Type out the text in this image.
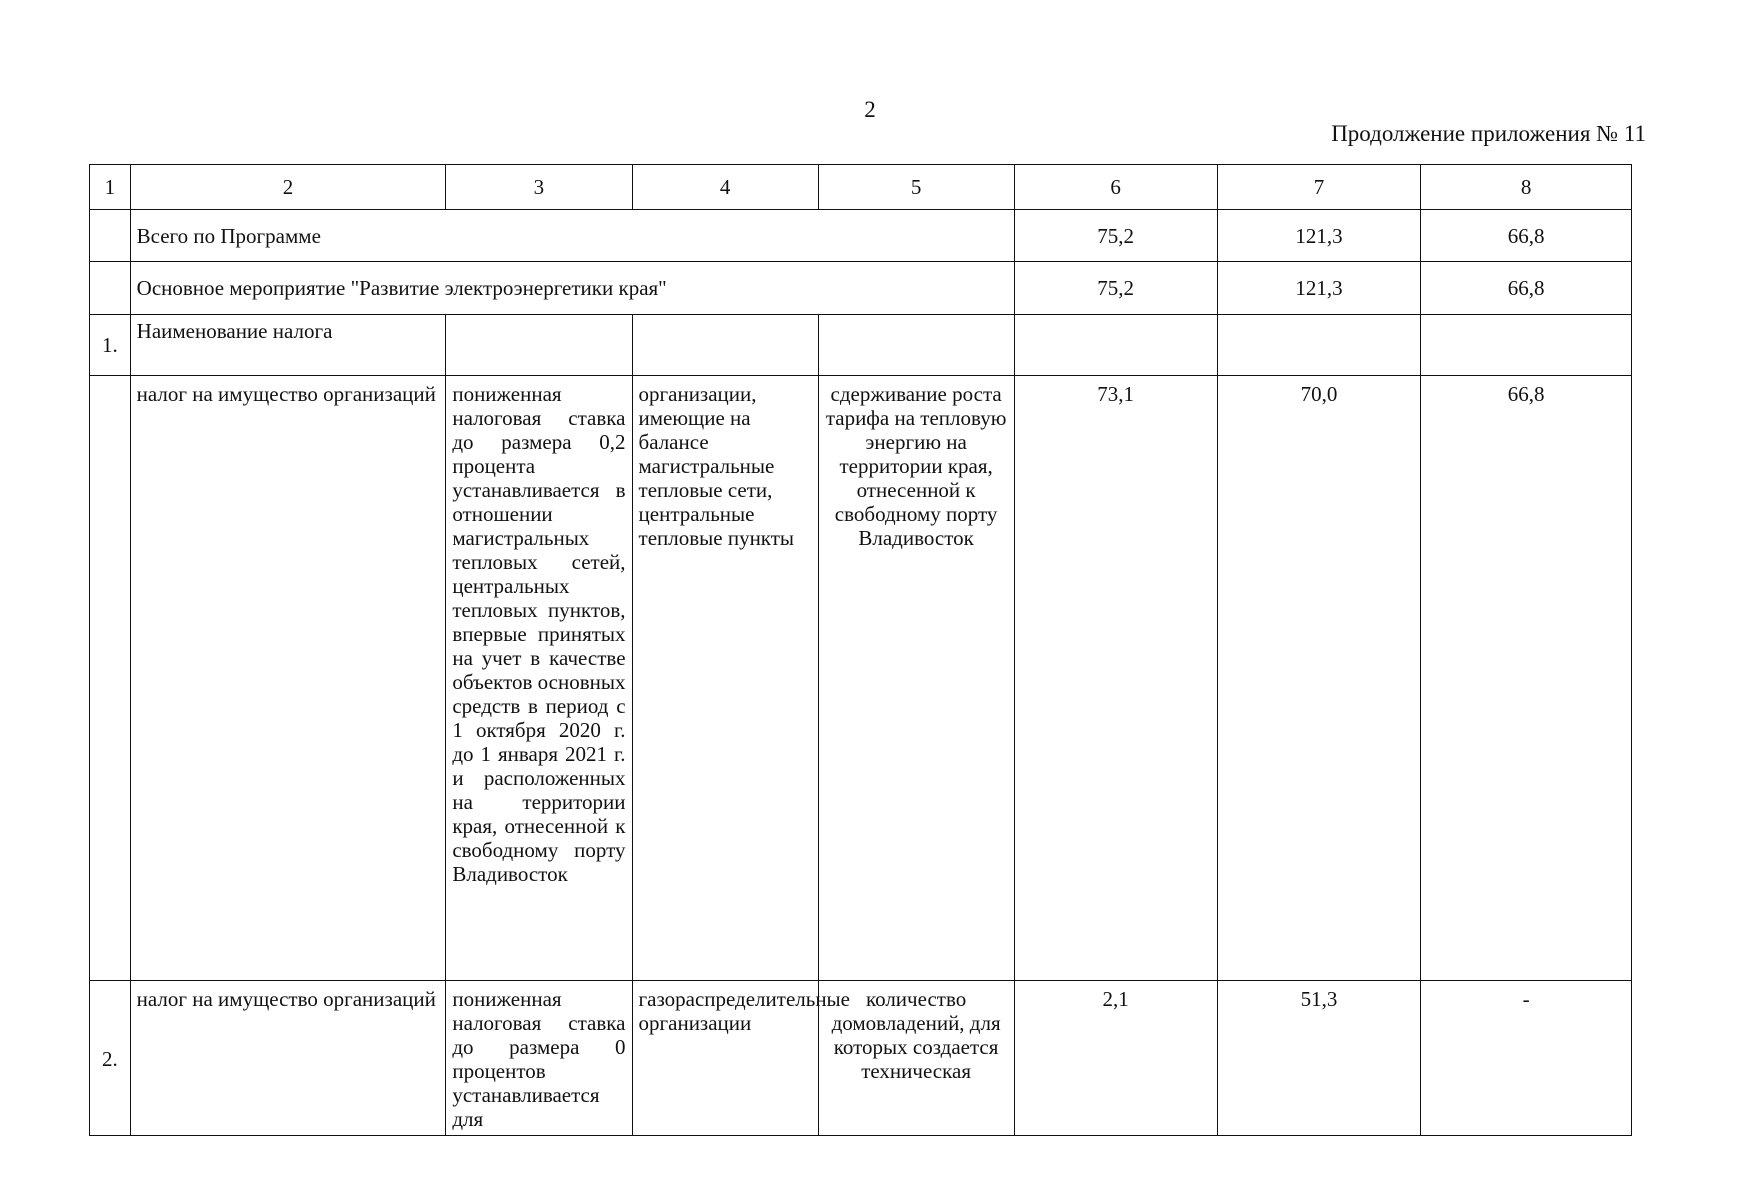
2
Продолжение приложения № 11
1	2	3	4	5	6	7	8
	Всего по Программе				75,2	121,3	66,8
	Основное мероприятие "Развитие электроэнергетики края"				75,2	121,3	66,8
1.	Наименование налога						
	налог на имущество организаций	пониженная налоговая ставка до размера 0,2 процента устанавливается в отношении магистральных тепловых сетей, центральных тепловых пунктов, впервые принятых на учет в качестве объектов основных средств в период с 1 октября 2020 г. до 1 января 2021 г. и расположенных на территории края, отнесенной к свободному порту Владивосток	организации, имеющие на балансе магистральные тепловые сети, центральные тепловые пункты	сдерживание роста тарифа на тепловую энергию на территории края, отнесенной к свободному порту Владивосток	73,1	70,0	66,8
2.	налог на имущество организаций	пониженная налоговая ставка до размера 0 процентов устанавливается для	газораспределительные организации	количество домовладений, для которых создается техническая	2,1	51,3	-
